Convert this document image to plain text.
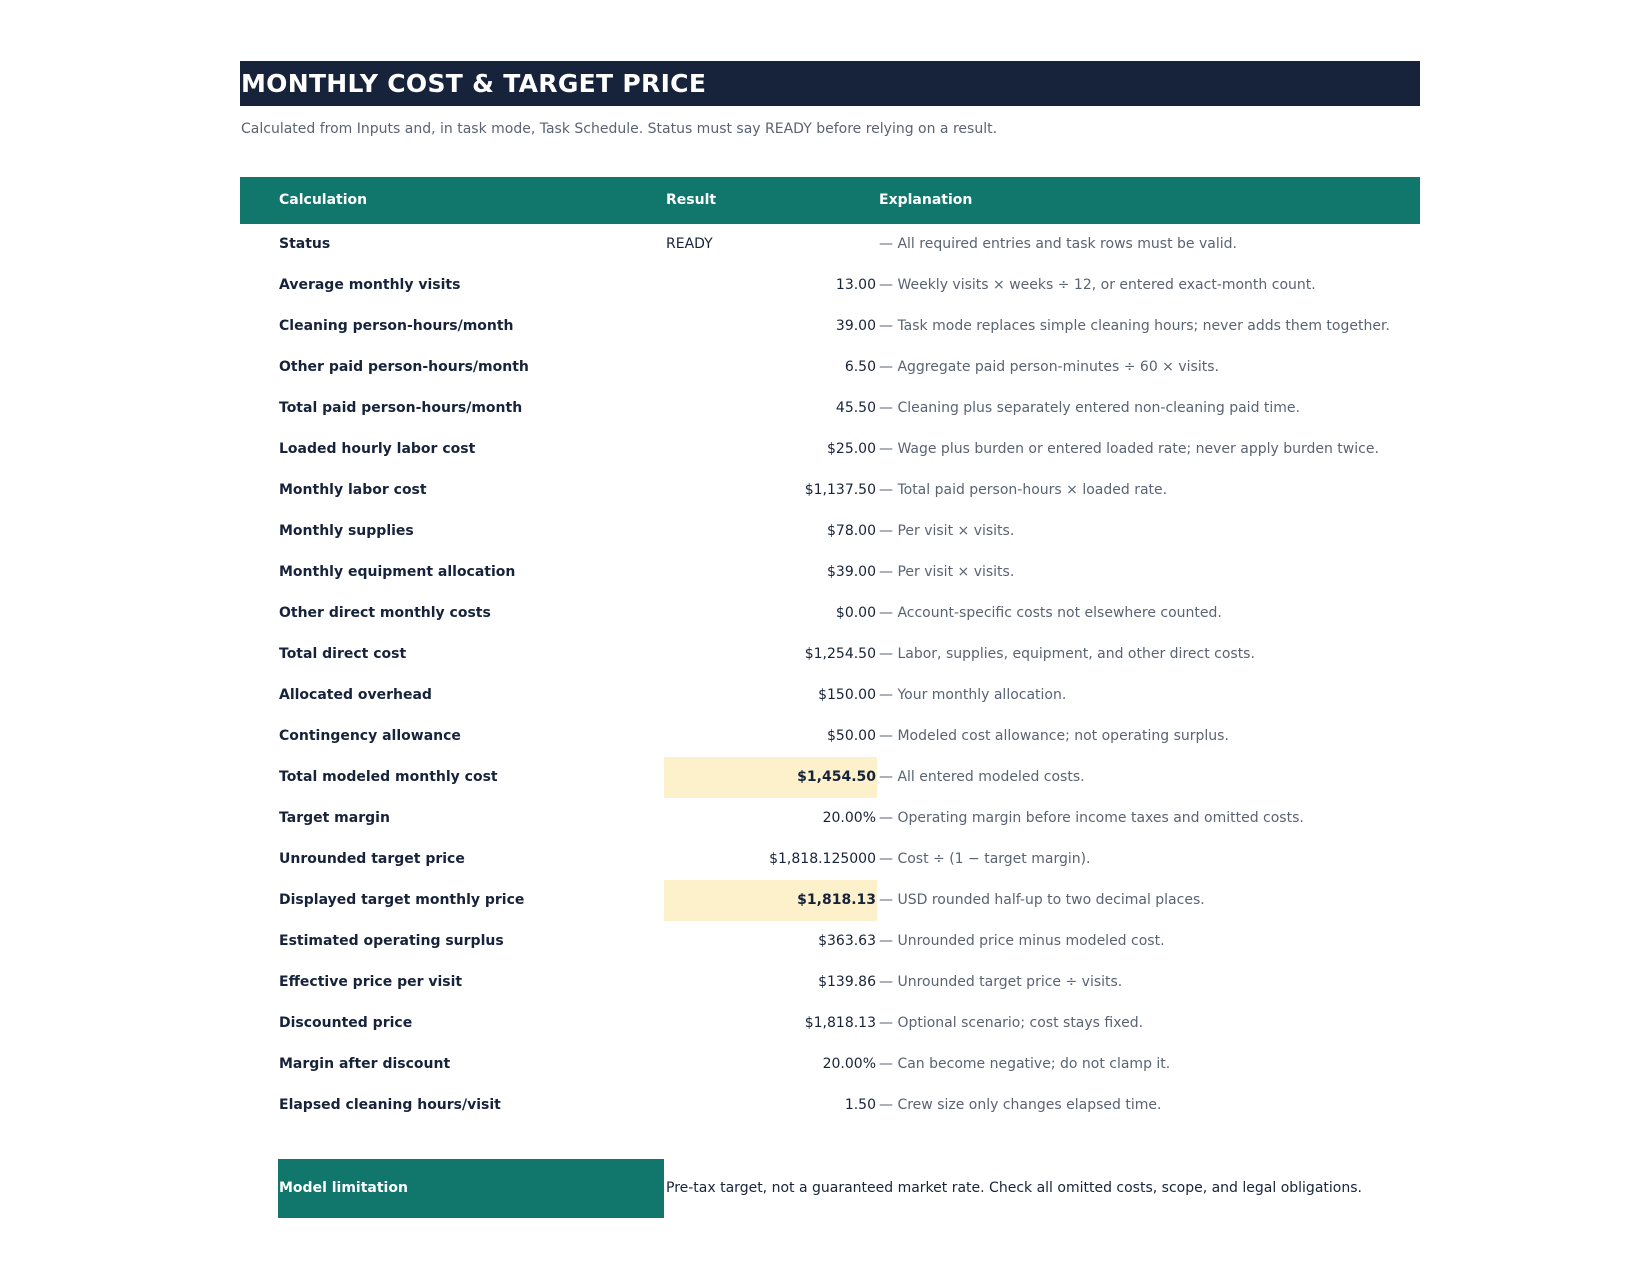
MONTHLY COST & TARGET PRICE
Calculated from Inputs and, in task mode, Task Schedule. Status must say READY before relying on a result.
Calculation	Result	Explanation
Status	READY	— All required entries and task rows must be valid.
Average monthly visits	13.00 — Weekly visits × weeks ÷ 12, or entered exact-month count.
Cleaning person-hours/month	39.00 — Task mode replaces simple cleaning hours; never adds them together.
Other paid person-hours/month	6.50 — Aggregate paid person-minutes ÷ 60 × visits.
Total paid person-hours/month	45.50 — Cleaning plus separately entered non-cleaning paid time.
Loaded hourly labor cost	$25.00 — Wage plus burden or entered loaded rate; never apply burden twice.
Monthly labor cost	$1,137.50 — Total paid person-hours × loaded rate.
Monthly supplies	$78.00 — Per visit × visits.
Monthly equipment allocation	$39.00 — Per visit × visits.
Other direct monthly costs	$0.00 — Account-specific costs not elsewhere counted.
Total direct cost	$1,254.50 — Labor, supplies, equipment, and other direct costs.
Allocated overhead	$150.00 — Your monthly allocation.
Contingency allowance	$50.00 — Modeled cost allowance; not operating surplus.
Total modeled monthly cost	$1,454.50 — All entered modeled costs.
Target margin	20.00% — Operating margin before income taxes and omitted costs.
Unrounded target price	$1,818.125000 — Cost ÷ (1 − target margin).
Displayed target monthly price	$1,818.13 — USD rounded half-up to two decimal places.
Estimated operating surplus	$363.63 — Unrounded price minus modeled cost.
Effective price per visit	$139.86 — Unrounded target price ÷ visits.
Discounted price	$1,818.13 — Optional scenario; cost stays fixed.
Margin after discount	20.00% — Can become negative; do not clamp it.
Elapsed cleaning hours/visit	1.50 — Crew size only changes elapsed time.
Model limitation	Pre-tax target, not a guaranteed market rate. Check all omitted costs, scope, and legal obligations.
